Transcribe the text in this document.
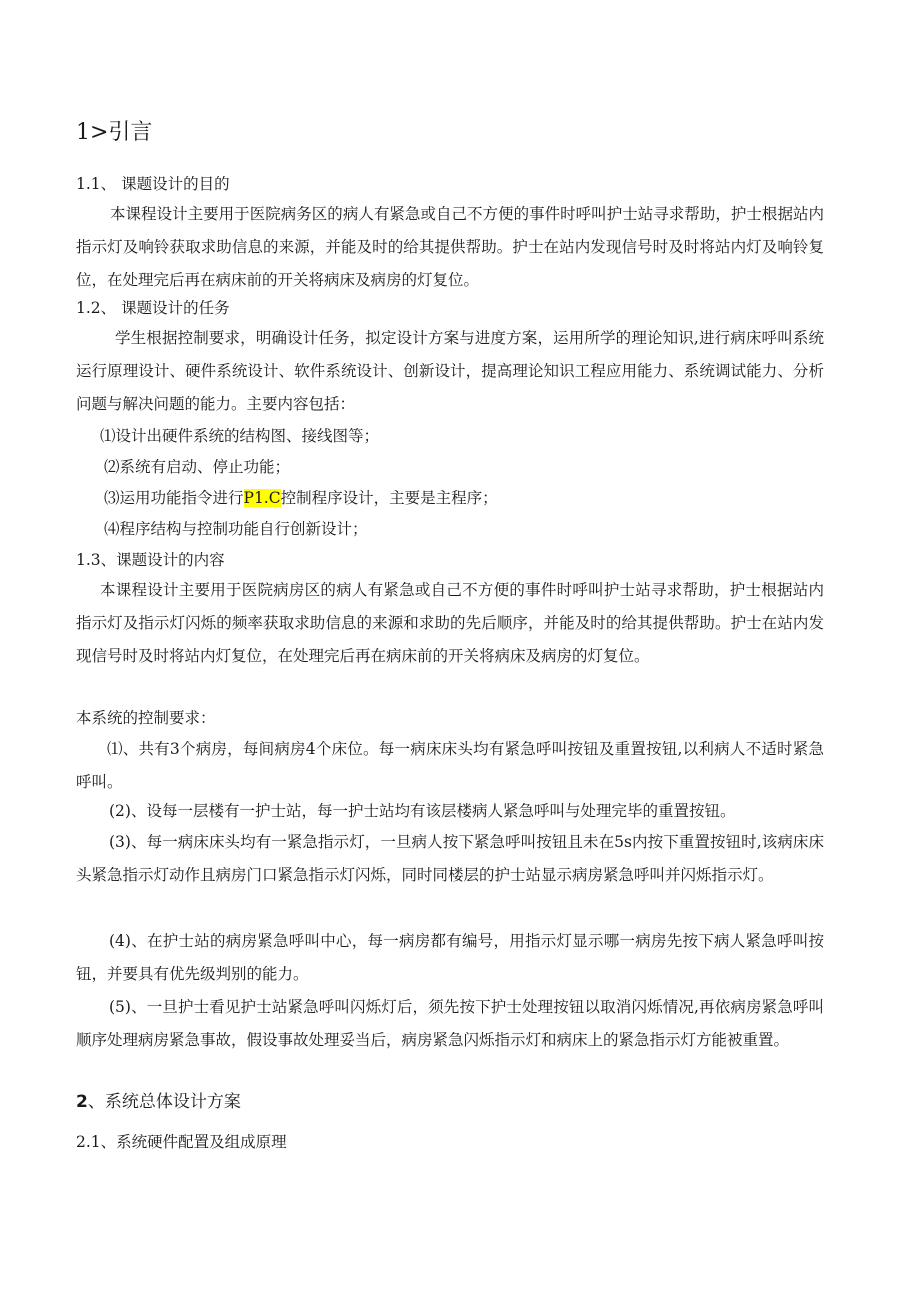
1>引言
1.1、 课题设计的目的
本课程设计主要用于医院病务区的病人有紧急或自己不方便的事件时呼叫护士站寻求帮助，护士根据站内指示灯及响铃获取求助信息的来源，并能及时的给其提供帮助。护士在站内发现信号时及时将站内灯及响铃复位，在处理完后再在病床前的开关将病床及病房的灯复位。
1.2、 课题设计的任务
学生根据控制要求，明确设计任务，拟定设计方案与进度方案，运用所学的理论知识,进行病床呼叫系统运行原理设计、硬件系统设计、软件系统设计、创新设计，提高理论知识工程应用能力、系统调试能力、分析问题与解决问题的能力。主要内容包括：
⑴设计出硬件系统的结构图、接线图等；
⑵系统有启动、停止功能；
⑶运用功能指令进行P1.C控制程序设计，主要是主程序；
⑷程序结构与控制功能自行创新设计；
1.3、课题设计的内容
本课程设计主要用于医院病房区的病人有紧急或自己不方便的事件时呼叫护士站寻求帮助，护士根据站内指示灯及指示灯闪烁的频率获取求助信息的来源和求助的先后顺序，并能及时的给其提供帮助。护士在站内发现信号时及时将站内灯复位，在处理完后再在病床前的开关将病床及病房的灯复位。
本系统的控制要求：
⑴、共有3个病房，每间病房4个床位。每一病床床头均有紧急呼叫按钮及重置按钮,以利病人不适时紧急呼叫。
(2)、设每一层楼有一护士站，每一护士站均有该层楼病人紧急呼叫与处理完毕的重置按钮。
(3)、每一病床床头均有一紧急指示灯，一旦病人按下紧急呼叫按钮且未在5s内按下重置按钮时,该病床床头紧急指示灯动作且病房门口紧急指示灯闪烁，同时同楼层的护士站显示病房紧急呼叫并闪烁指示灯。
(4)、在护士站的病房紧急呼叫中心，每一病房都有编号，用指示灯显示哪一病房先按下病人紧急呼叫按钮，并要具有优先级判别的能力。
(5)、一旦护士看见护士站紧急呼叫闪烁灯后，须先按下护士处理按钮以取消闪烁情况,再依病房紧急呼叫顺序处理病房紧急事故，假设事故处理妥当后，病房紧急闪烁指示灯和病床上的紧急指示灯方能被重置。
2、系统总体设计方案
2.1、系统硬件配置及组成原理
